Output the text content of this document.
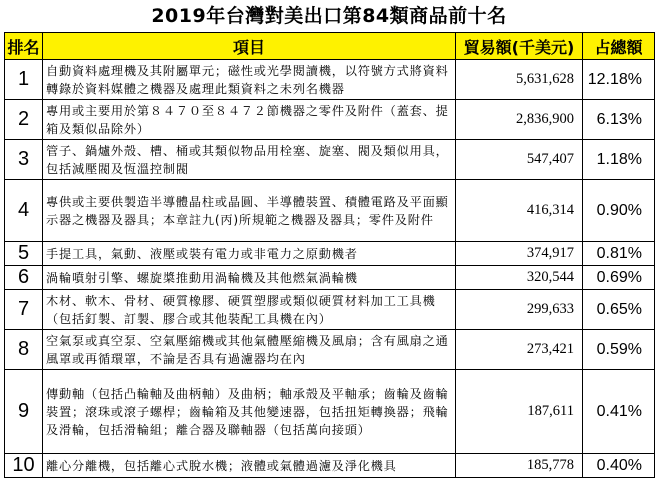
2019年台灣對美出口第84類商品前十名
排名	項目	貿易額(千美元)	占總額
1	自動資料處理機及其附屬單元；磁性或光學閱讀機，以符號方式將資料轉錄於資料媒體之機器及處理此類資料之未列名機器	5,631,628	12.18%
2	專用或主要用於第８４７０至８４７２節機器之零件及附件（蓋套、提箱及類似品除外）	2,836,900	6.13%
3	管子、鍋爐外殼、槽、桶或其類似物品用栓塞、旋塞、閥及類似用具，包括減壓閥及恆溫控制閥	547,407	1.18%
4	專供或主要供製造半導體晶柱或晶圓、半導體裝置、積體電路及平面顯示器之機器及器具；本章註九(丙)所規範之機器及器具；零件及附件	416,314	0.90%
5	手提工具，氣動、液壓或裝有電力或非電力之原動機者	374,917	0.81%
6	渦輪噴射引擎、螺旋槳推動用渦輪機及其他燃氣渦輪機	320,544	0.69%
7	木材、軟木、骨材、硬質橡膠、硬質塑膠或類似硬質材料加工工具機（包括釘製、訂製、膠合或其他裝配工具機在內）	299,633	0.65%
8	空氣泵或真空泵、空氣壓縮機或其他氣體壓縮機及風扇；含有風扇之通風罩或再循環罩，不論是否具有過濾器均在內	273,421	0.59%
9	傳動軸（包括凸輪軸及曲柄軸）及曲柄；軸承殼及平軸承；齒輪及齒輪裝置；滾珠或滾子螺桿；齒輪箱及其他變速器，包括扭矩轉換器；飛輪及滑輪，包括滑輪組；離合器及聯軸器（包括萬向接頭）	187,611	0.41%
10	離心分離機，包括離心式脫水機；液體或氣體過濾及淨化機具	185,778	0.40%
